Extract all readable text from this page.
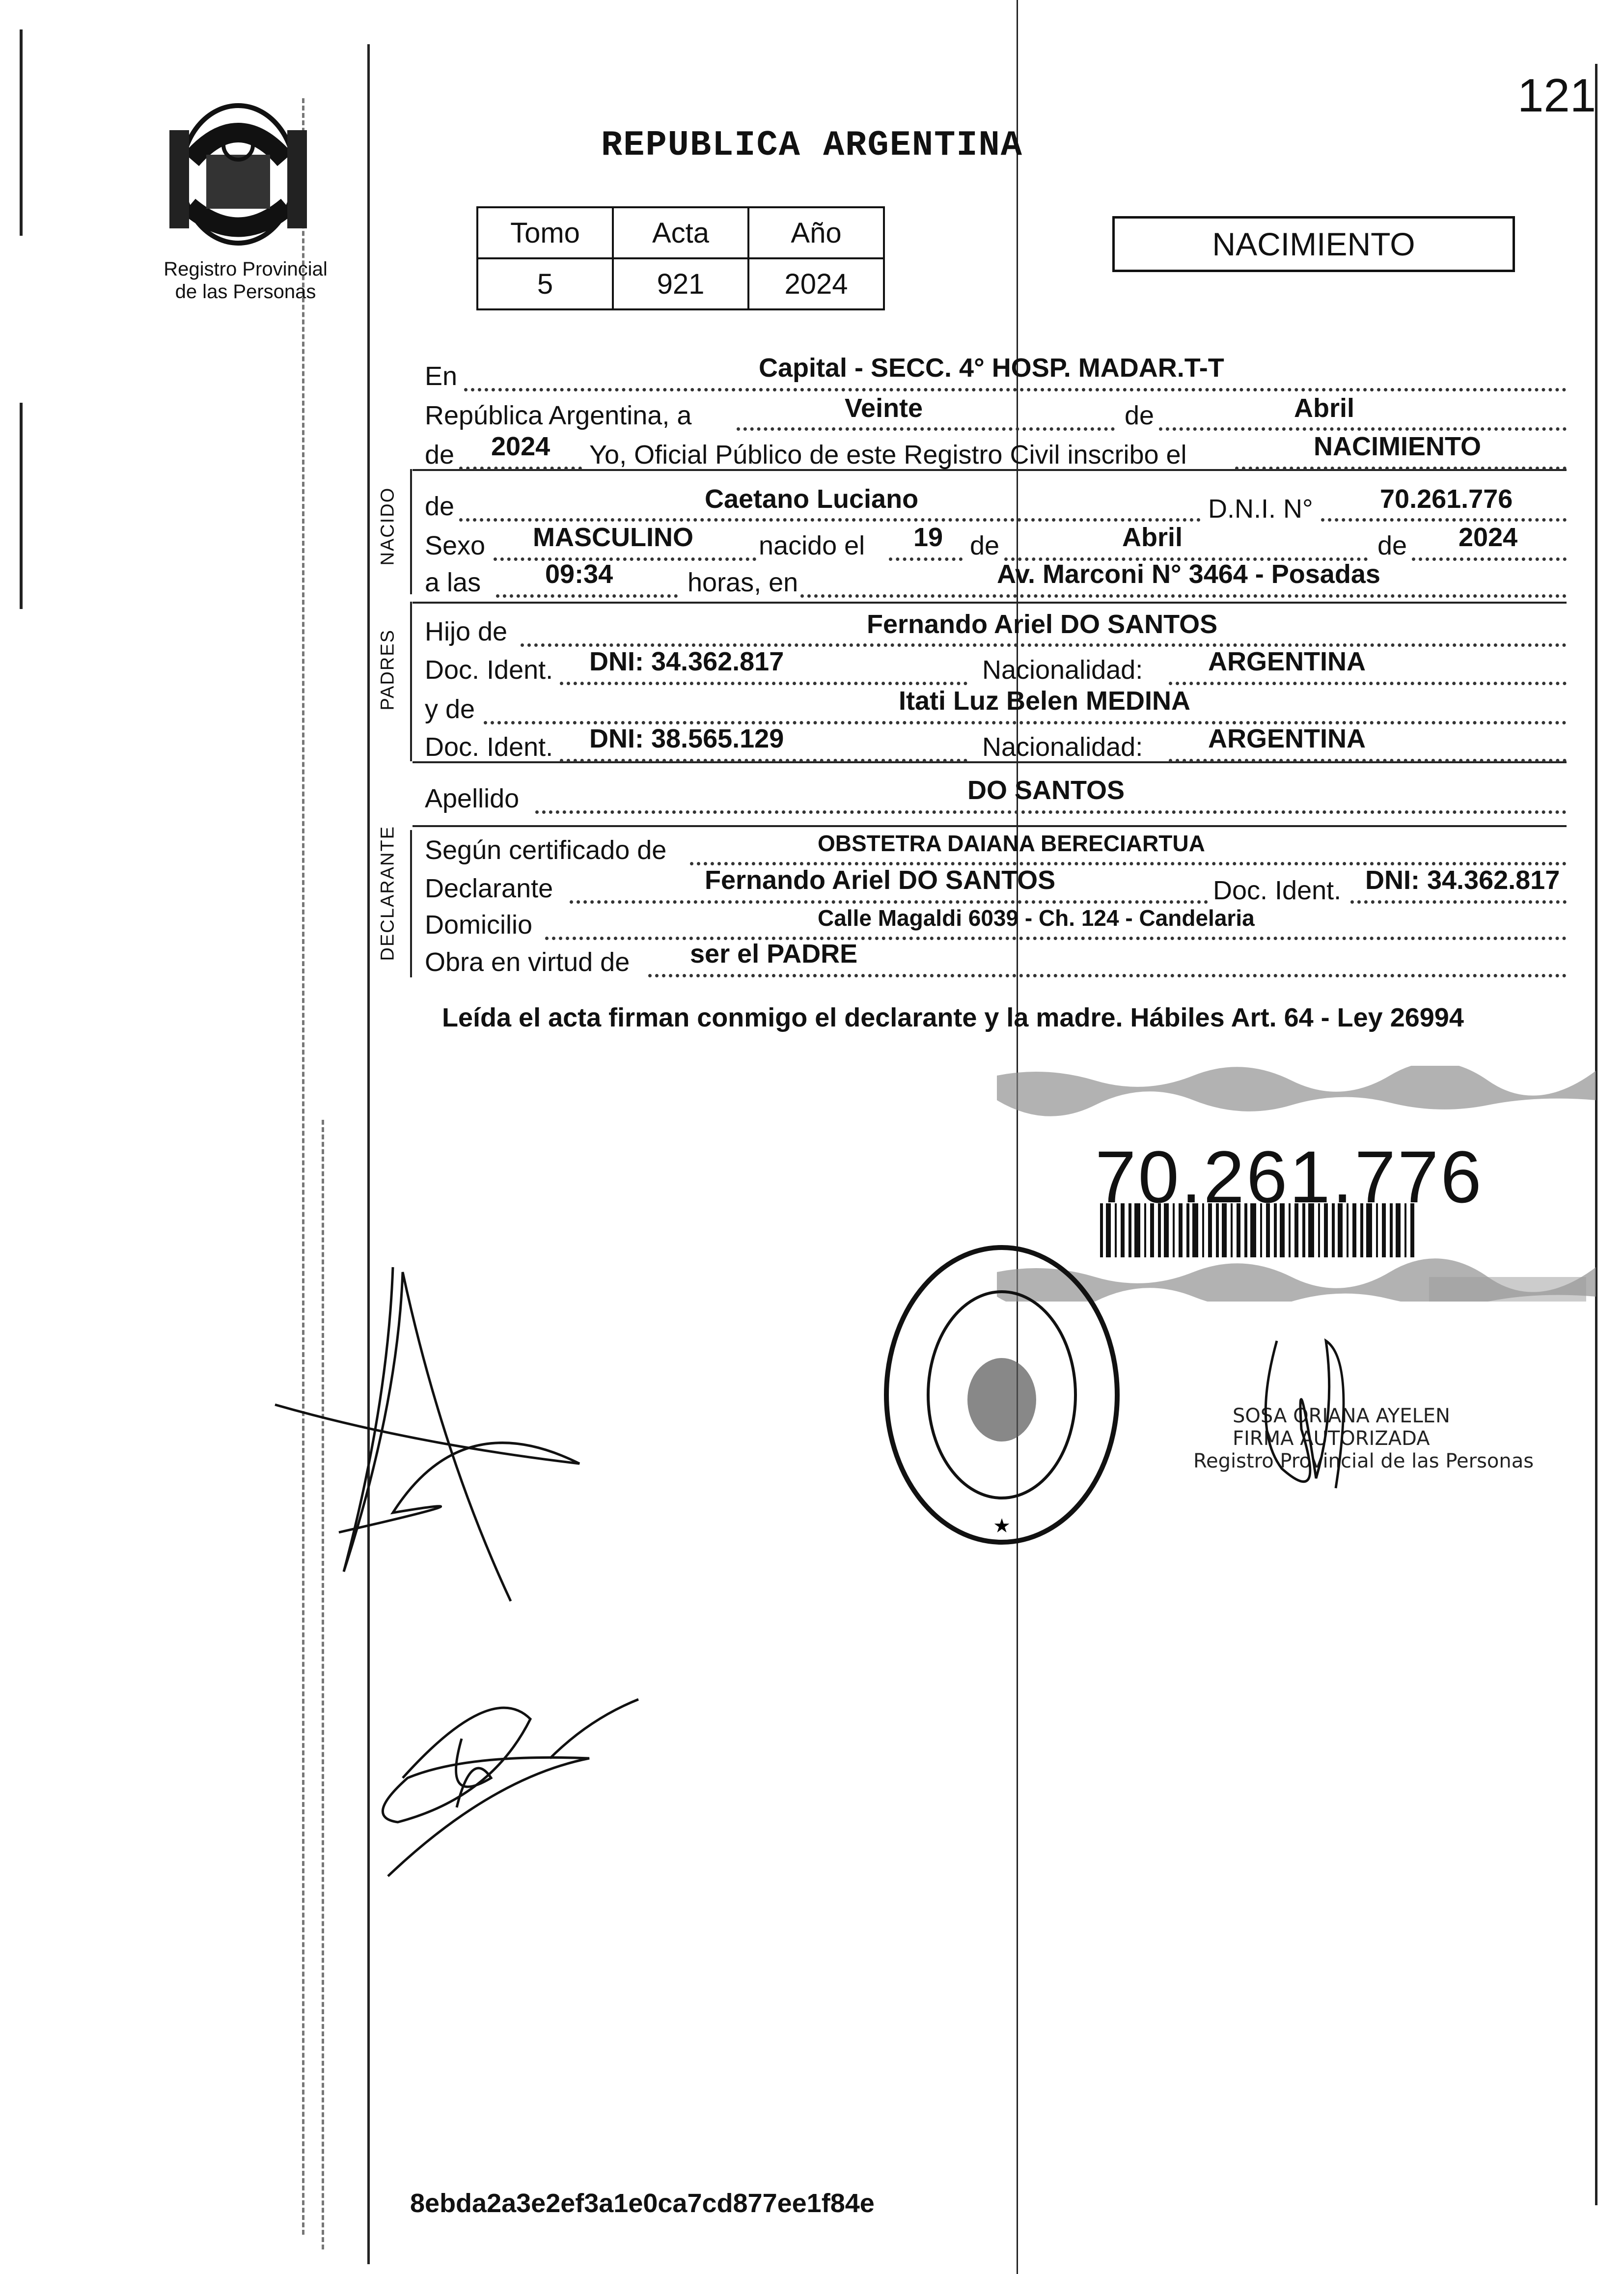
121
REPUBLICA ARGENTINA
Registro Provincial
de las Personas
Tomo	Acta	Año
5	921	2024
NACIMIENTO
NACIDO
PADRES
DECLARANTE
En	Capital - SECC. 4° HOSP. MADAR.T-T
República Argentina, a	Veinte	de	Abril
de 2024 Yo, Oficial Público de este Registro Civil inscribo el	NACIMIENTO
de	Caetano Luciano	D.N.I. N°	70.261.776
Sexo MASCULINO nacido el 19 de	Abril	de 2024
a las 09:34	horas, en	Av. Marconi N° 3464 - Posadas
Hijo de	Fernando Ariel DO SANTOS
Doc. Ident. DNI: 34.362.817	Nacionalidad: ARGENTINA
y de	Itati Luz Belen MEDINA
Doc. Ident. DNI: 38.565.129	Nacionalidad: ARGENTINA
Apellido	DO SANTOS
Según certificado de	OBSTETRA DAIANA BERECIARTUA
Declarante	Fernando Ariel DO SANTOS	Doc. Ident. DNI: 34.362.817
Domicilio	Calle Magaldi 6039 - Ch. 124 - Candelaria
Obra en virtud de ser el PADRE
Leída el acta firman conmigo el declarante y la madre. Hábiles Art. 64 - Ley 26994
70.261.776
★
SOSA ORIANA AYELEN
FIRMA AUTORIZADA
Registro Provincial de las Personas
8ebda2a3e2ef3a1e0ca7cd877ee1f84e
